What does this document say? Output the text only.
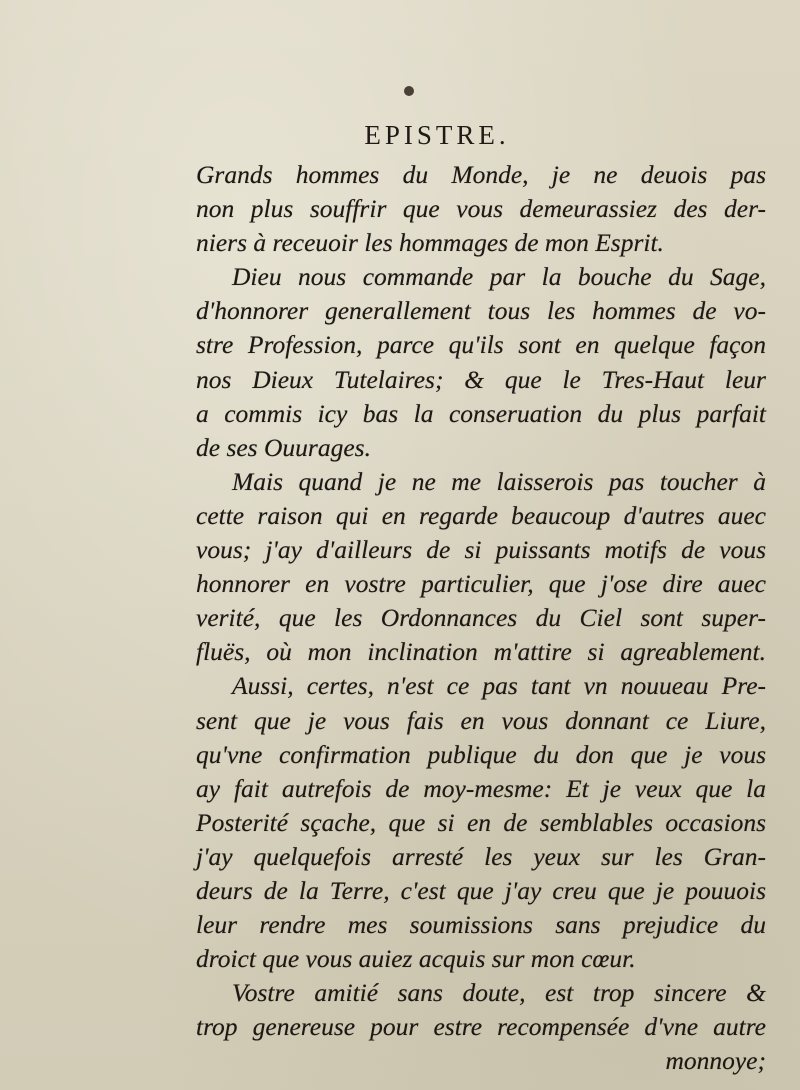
EPISTRE.
Grands hommes du Monde, je ne deuois pas
non plus souffrir que vous demeurassiez des der-
niers à receuoir les hommages de mon Esprit.
Dieu nous commande par la bouche du Sage,
d'honnorer generallement tous les hommes de vo-
stre Profession, parce qu'ils sont en quelque façon
nos Dieux Tutelaires; & que le Tres-Haut leur
a commis icy bas la conseruation du plus parfait
de ses Ouurages.
Mais quand je ne me laisserois pas toucher à
cette raison qui en regarde beaucoup d'autres auec
vous; j'ay d'ailleurs de si puissants motifs de vous
honnorer en vostre particulier, que j'ose dire auec
verité, que les Ordonnances du Ciel sont super-
fluës, où mon inclination m'attire si agreablement.
Aussi, certes, n'est ce pas tant vn nouueau Pre-
sent que je vous fais en vous donnant ce Liure,
qu'vne confirmation publique du don que je vous
ay fait autrefois de moy-mesme: Et je veux que la
Posterité sçache, que si en de semblables occasions
j'ay quelquefois arresté les yeux sur les Gran-
deurs de la Terre, c'est que j'ay creu que je pouuois
leur rendre mes soumissions sans prejudice du
droict que vous auiez acquis sur mon cœur.
Vostre amitié sans doute, est trop sincere &
trop genereuse pour estre recompensée d'vne autre
monnoye;
